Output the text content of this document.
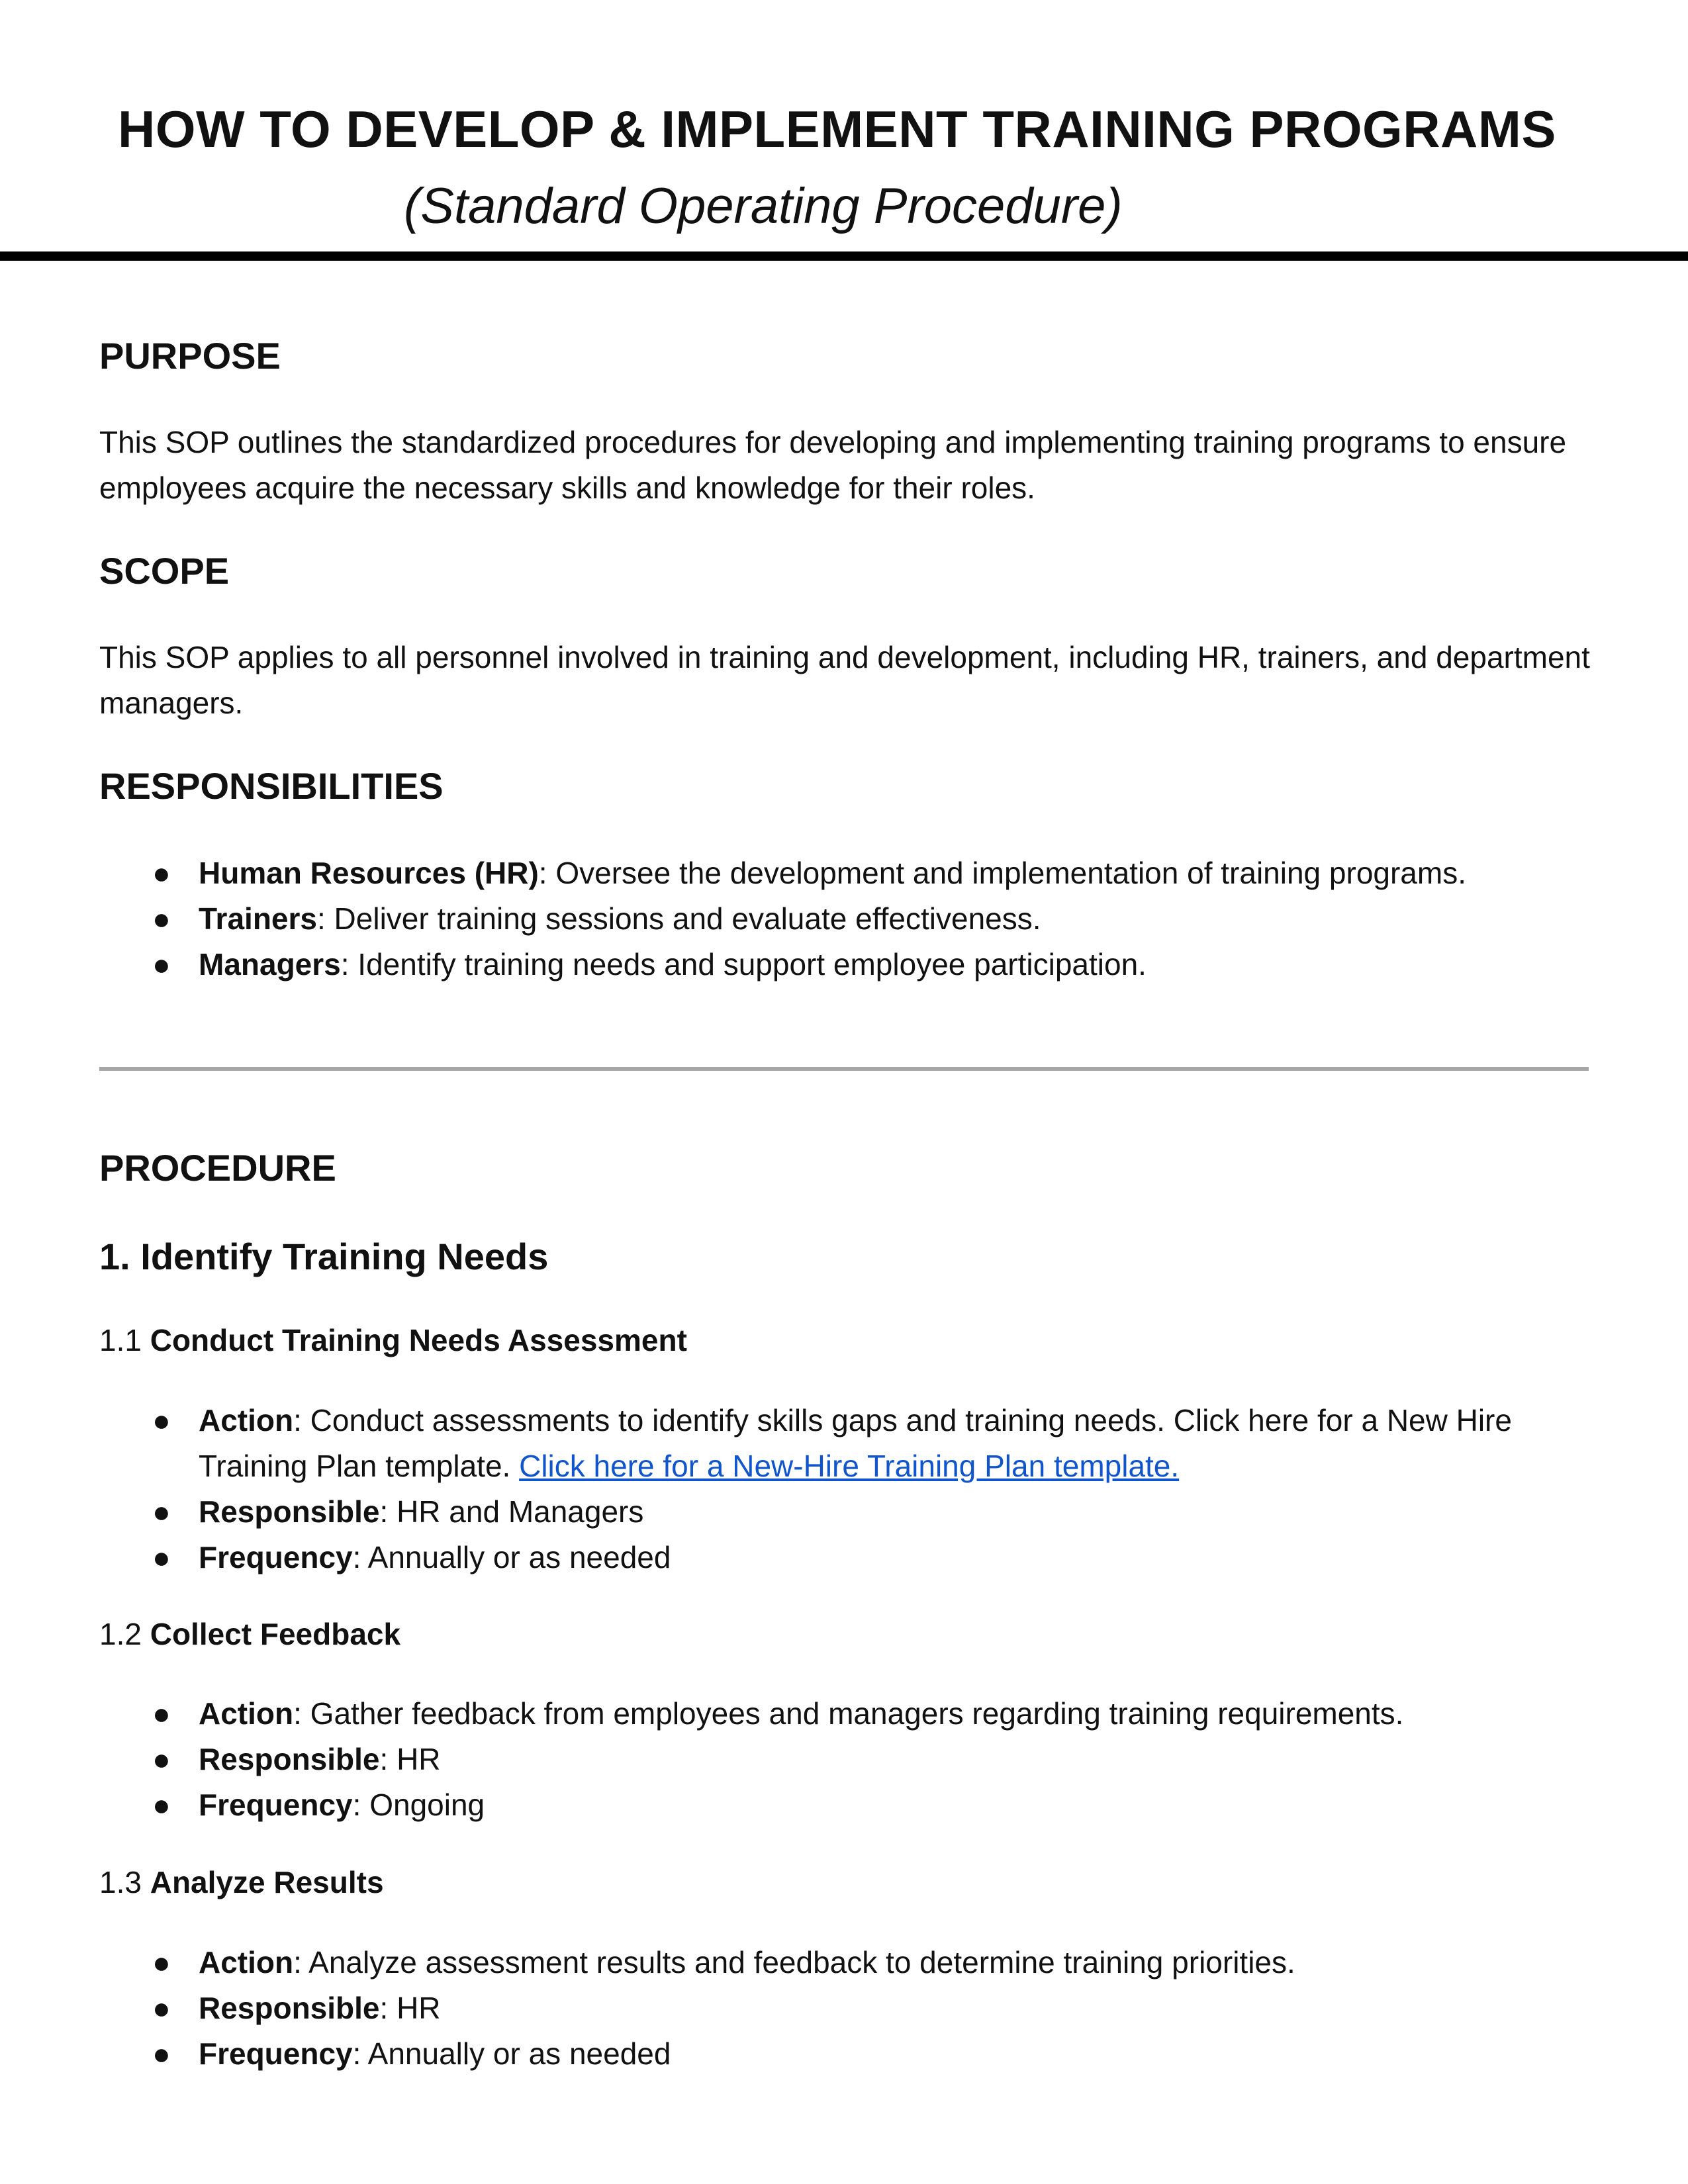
HOW TO DEVELOP & IMPLEMENT TRAINING PROGRAMS
(Standard Operating Procedure)
PURPOSE
This SOP outlines the standardized procedures for developing and implementing training programs to ensure employees acquire the necessary skills and knowledge for their roles.
SCOPE
This SOP applies to all personnel involved in training and development, including HR, trainers, and department managers.
RESPONSIBILITIES
● Human Resources (HR): Oversee the development and implementation of training programs.
● Trainers: Deliver training sessions and evaluate effectiveness.
● Managers: Identify training needs and support employee participation.
PROCEDURE
1. Identify Training Needs
1.1 Conduct Training Needs Assessment
● Action: Conduct assessments to identify skills gaps and training needs. Click here for a New Hire Training Plan template. Click here for a New-Hire Training Plan template.
● Responsible: HR and Managers
● Frequency: Annually or as needed
1.2 Collect Feedback
● Action: Gather feedback from employees and managers regarding training requirements.
● Responsible: HR
● Frequency: Ongoing
1.3 Analyze Results
● Action: Analyze assessment results and feedback to determine training priorities.
● Responsible: HR
● Frequency: Annually or as needed
